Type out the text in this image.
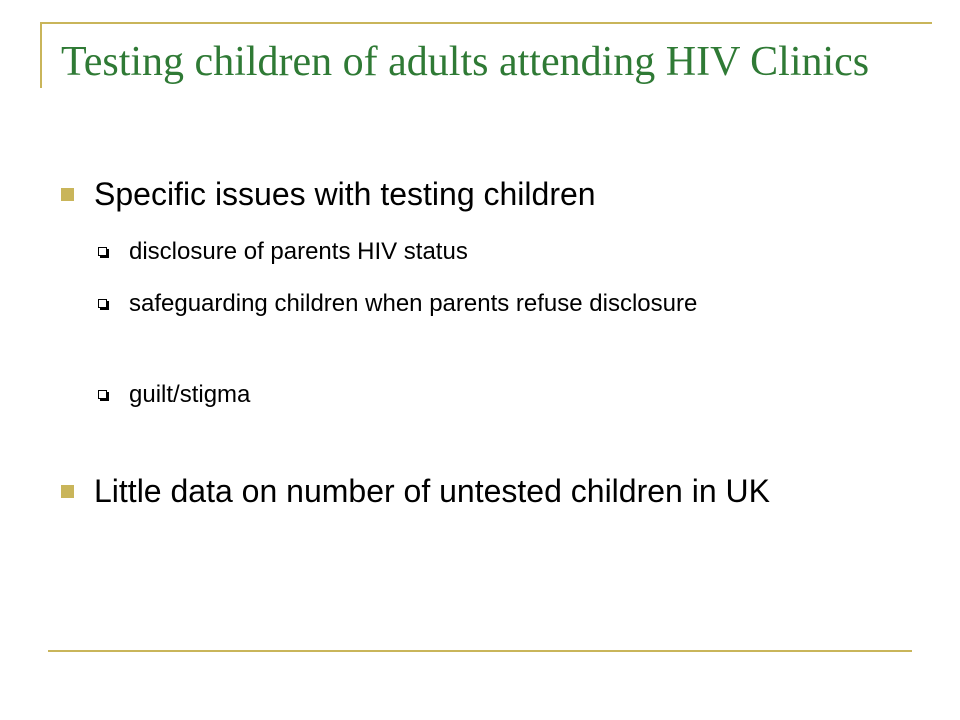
Testing children of adults attending HIV Clinics
Specific issues with testing children
disclosure of parents HIV status
safeguarding children when parents refuse disclosure
guilt/stigma
Little data on number of untested children in UK
